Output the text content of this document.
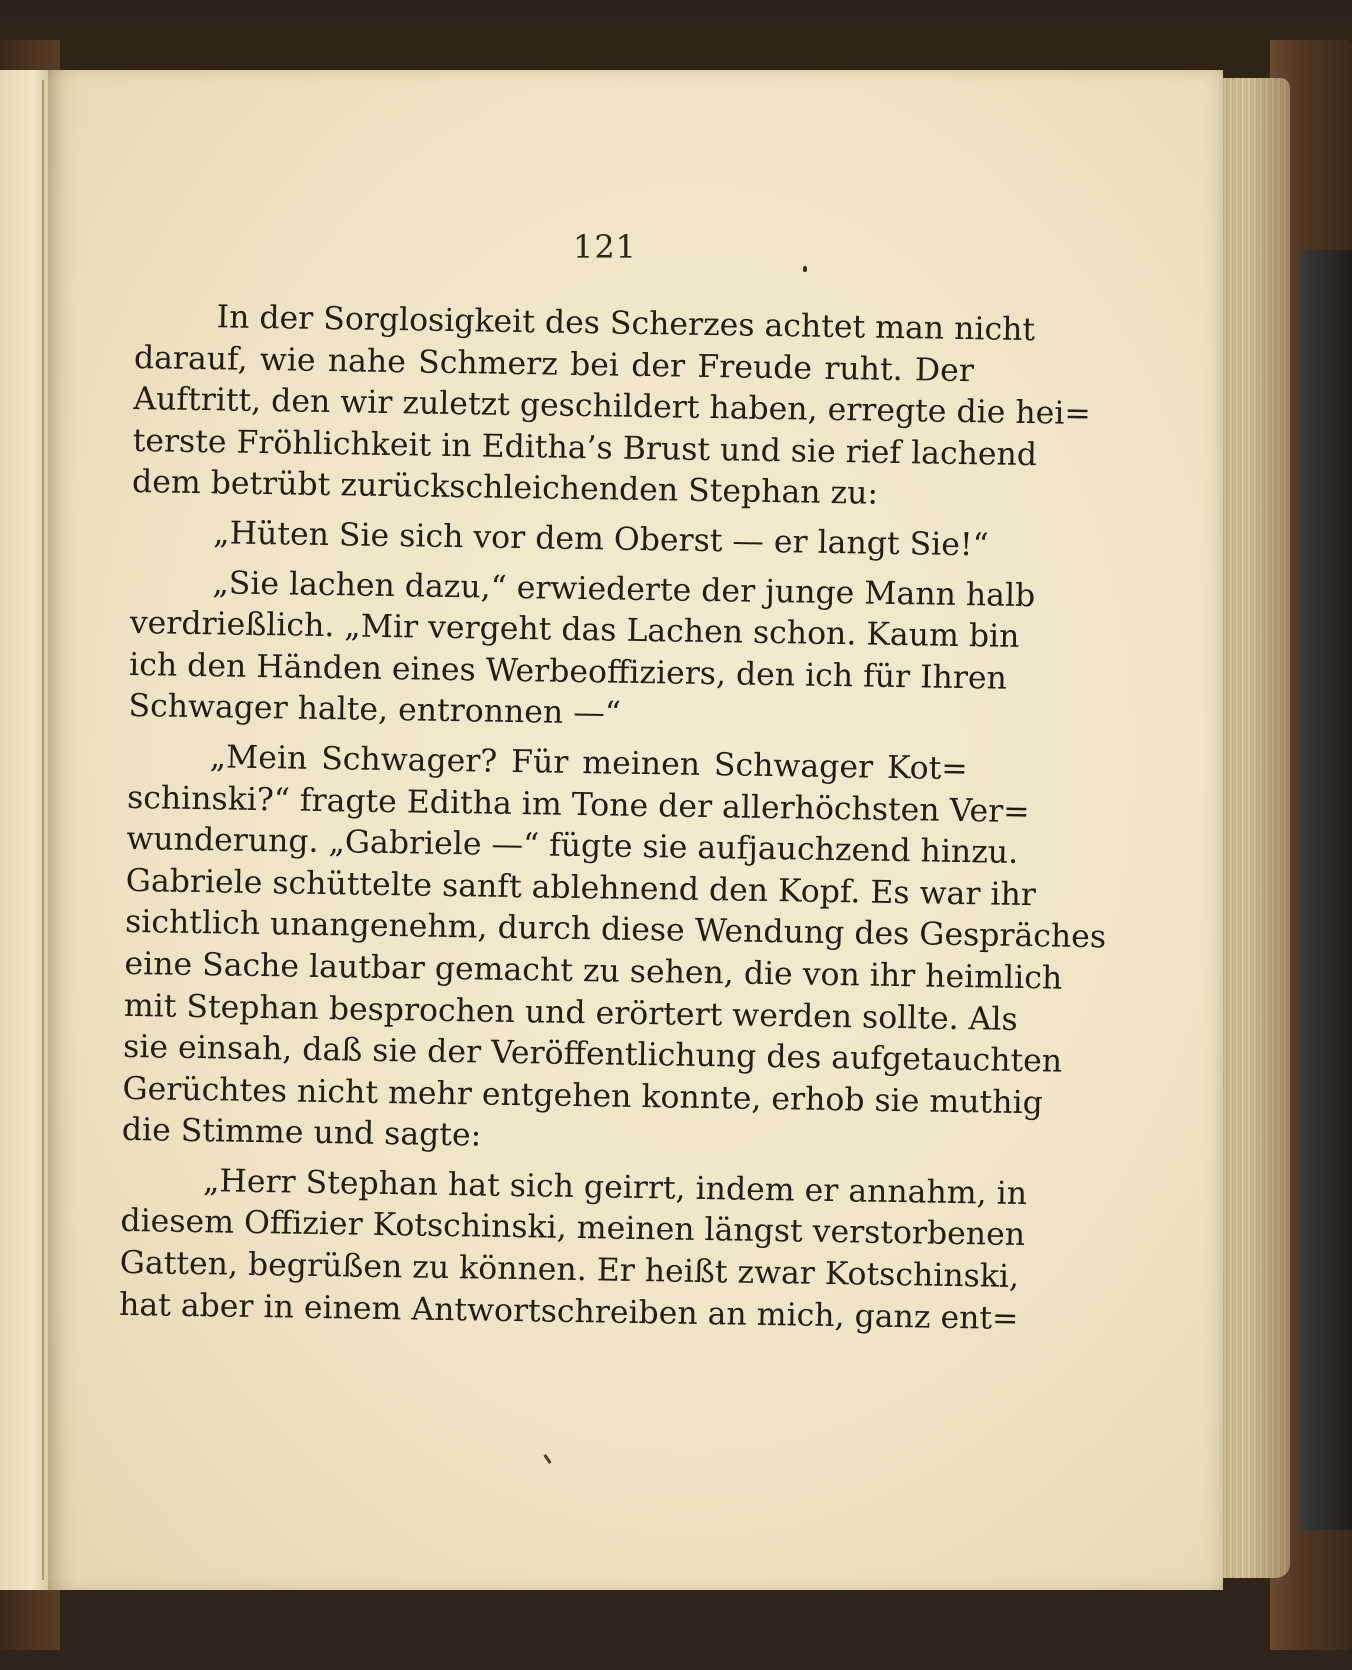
121

In der Sorglosigkeit des Scherzes achtet man nicht
darauf, wie nahe Schmerz bei der Freude ruht. Der
Auftritt, den wir zuletzt geschildert haben, erregte die hei=
terste Fröhlichkeit in Editha’s Brust und sie rief lachend
dem betrübt zurückschleichenden Stephan zu:

„Hüten Sie sich vor dem Oberst — er langt Sie!“

„Sie lachen dazu,“ erwiederte der junge Mann halb
verdrießlich. „Mir vergeht das Lachen schon. Kaum bin
ich den Händen eines Werbeoffiziers, den ich für Ihren
Schwager halte, entronnen —“

„Mein Schwager? Für meinen Schwager Kot=
schinski?“ fragte Editha im Tone der allerhöchsten Ver=
wunderung. „Gabriele —“ fügte sie aufjauchzend hinzu.
Gabriele schüttelte sanft ablehnend den Kopf. Es war ihr
sichtlich unangenehm, durch diese Wendung des Gespräches
eine Sache lautbar gemacht zu sehen, die von ihr heimlich
mit Stephan besprochen und erörtert werden sollte. Als
sie einsah, daß sie der Veröffentlichung des aufgetauchten
Gerüchtes nicht mehr entgehen konnte, erhob sie muthig
die Stimme und sagte:

„Herr Stephan hat sich geirrt, indem er annahm, in
diesem Offizier Kotschinski, meinen längst verstorbenen
Gatten, begrüßen zu können. Er heißt zwar Kotschinski,
hat aber in einem Antwortschreiben an mich, ganz ent=
